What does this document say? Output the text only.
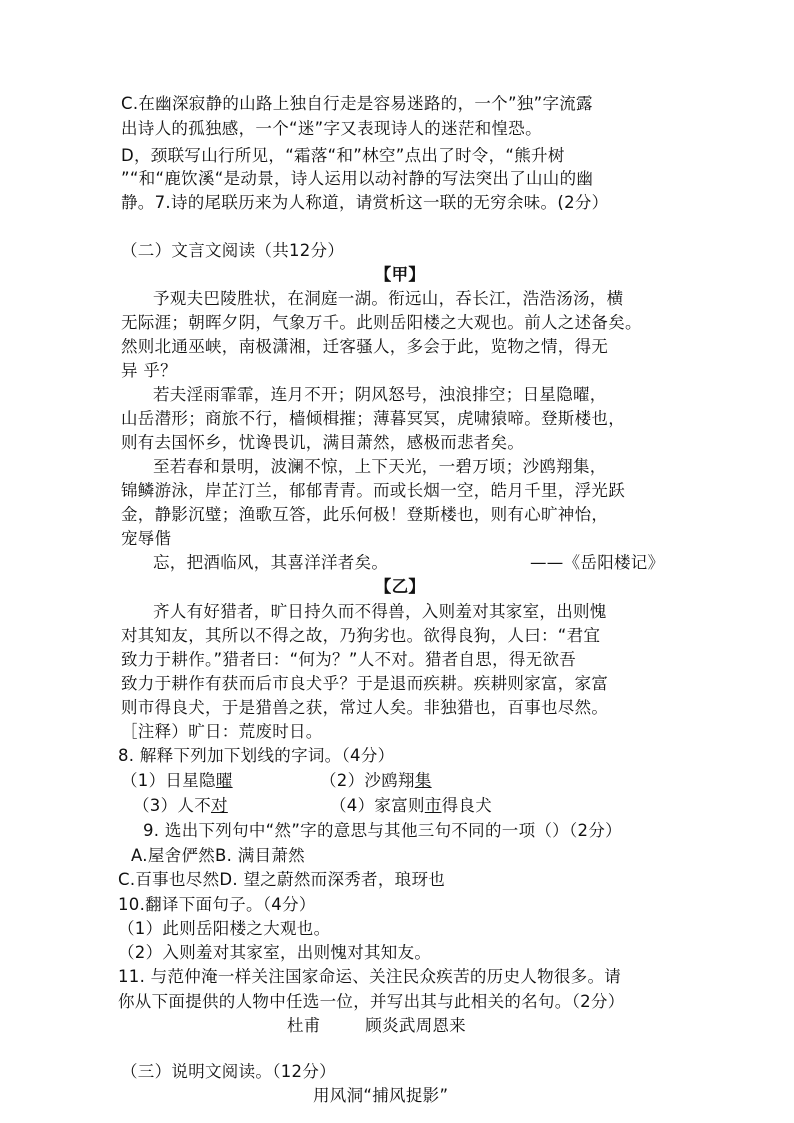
C.在幽深寂静的山路上独自行走是容易迷路的，一个”独”字流露
出诗人的孤独感，一个“迷”字又表现诗人的迷茫和惶恐。
D，颈联写山行所见，“霜落“和”林空”点出了时令，“熊升树
”“和“鹿饮溪“是动景，诗人运用以动衬静的写法突出了山山的幽
静。7.诗的尾联历来为人称道，请赏析这一联的无穷余味。(2分）
（二）文言文阅读（共12分）
【甲】
予观夫巴陵胜状，在洞庭一湖。衔远山，吞长江，浩浩汤汤，横
无际涯；朝晖夕阴，气象万千。此则岳阳楼之大观也。前人之述备矣。
然则北通巫峡，南极潇湘，迁客骚人，多会于此，览物之情，得无
异 乎？
若夫淫雨霏霏，连月不开；阴风怒号，浊浪排空；日星隐曜，
山岳潜形；商旅不行，樯倾楫摧；薄暮冥冥，虎啸猿啼。登斯楼也，
则有去国怀乡，忧谗畏讥，满目萧然，感极而悲者矣。
至若春和景明，波澜不惊，上下天光，一碧万顷；沙鸥翔集，
锦鳞游泳，岸芷汀兰，郁郁青青。而或长烟一空，皓月千里，浮光跃
金，静影沉璧；渔歌互答，此乐何极！登斯楼也，则有心旷神怡，
宠辱偕
忘，把酒临风，其喜洋洋者矣。	——《岳阳楼记》
【乙】
齐人有好猎者，旷日持久而不得兽，入则羞对其家室，出则愧
对其知友，其所以不得之故，乃狗劣也。欲得良狗，人曰：“君宜
致力于耕作。”猎者曰：“何为？”人不对。猎者自思，得无欲吾
致力于耕作有获而后市良犬乎？于是退而疾耕。疾耕则家富，家富
则市得良犬，于是猎兽之获，常过人矣。非独猎也，百事也尽然。
［注释）旷日：荒废时日。
8. 解释下列加下划线的字词。（4分）
（1）日星隐曜	（2）沙鸥翔集
（3）人不对	（4）家富则市得良犬
9. 选出下列句中“然”字的意思与其他三句不同的一项（）（2分）
A.屋舍俨然B. 满目萧然
C.百事也尽然D. 望之蔚然而深秀者，琅玡也
10.翻译下面句子。（4分）
（1）此则岳阳楼之大观也。
（2）入则羞对其家室，出则愧对其知友。
11. 与范仲淹一样关注国家命运、关注民众疾苦的历史人物很多。请
你从下面提供的人物中任选一位，并写出其与此相关的名句。（2分）
杜甫 　 　顾炎武周恩来
（三）说明文阅读。（12分）
用风洞“捕风捉影”
